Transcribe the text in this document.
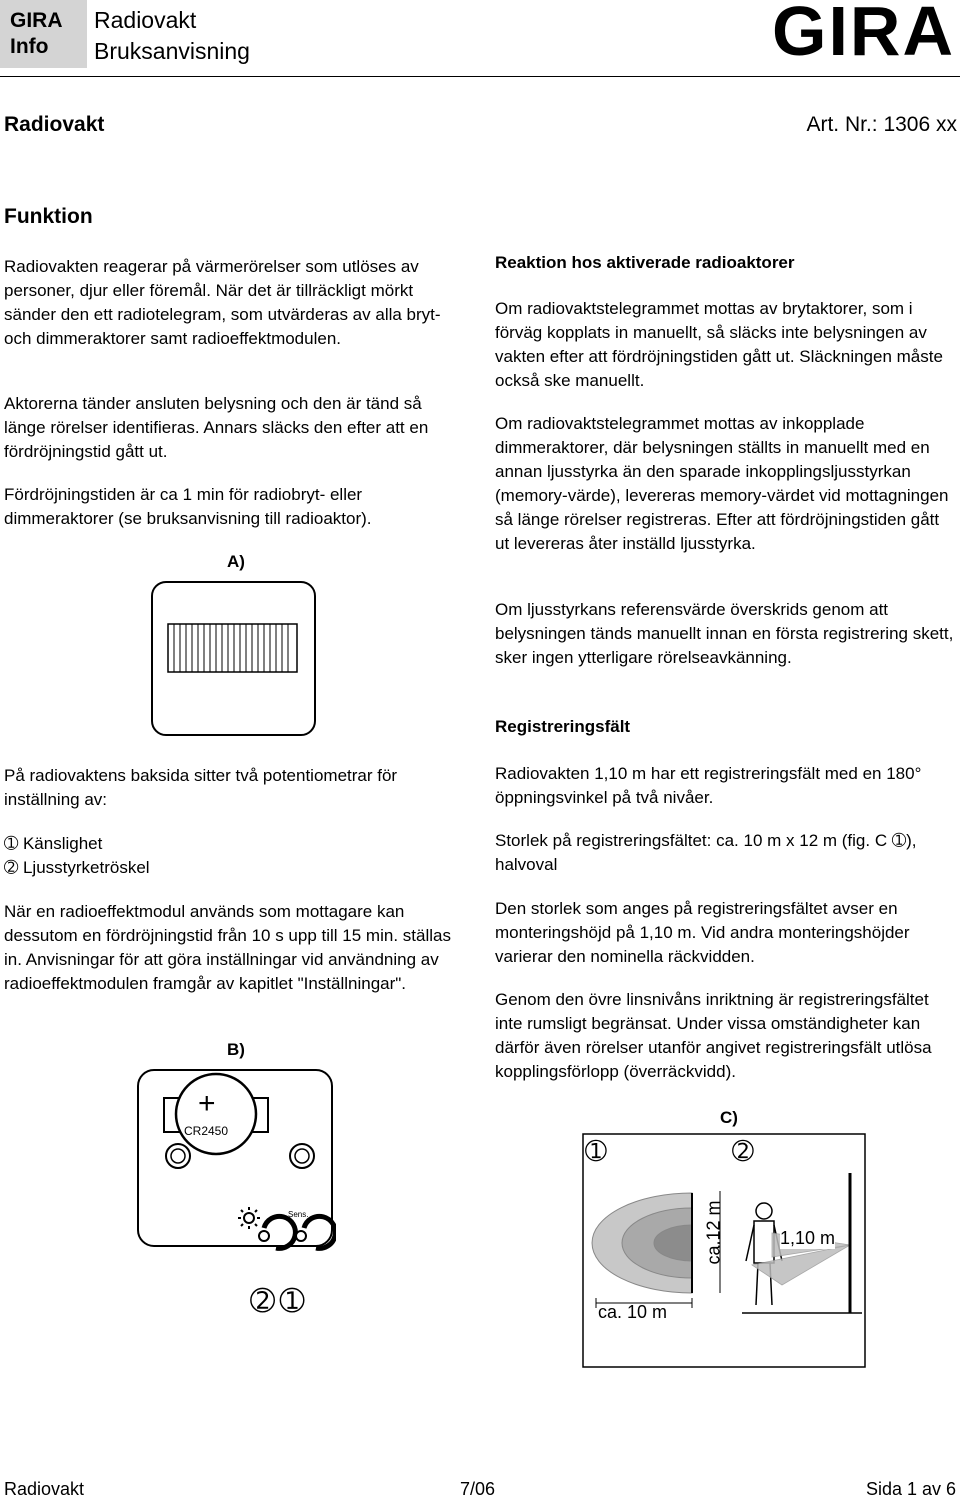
GIRA
Info
Radiovakt
Bruksanvisning	GIRA
Radiovakt	Art. Nr.: 1306 xx
Funktion
Radiovakten reagerar på värmerörelser som utlöses av personer, djur eller föremål. När det är tillräckligt mörkt sänder den ett radiotelegram, som utvärderas av alla bryt- och dimmeraktorer samt radioeffektmodulen.
Aktorerna tänder ansluten belysning och den är tänd så länge rörelser identifieras. Annars släcks den efter att en fördröjningstid gått ut.
Fördröjningstiden är ca 1 min för radiobryt- eller dimmeraktorer (se bruksanvisning till radioaktor).
A)
På radiovaktens baksida sitter två potentiometrar för inställning av:
➀ Känslighet
➁ Ljusstyrketröskel
När en radioeffektmodul används som mottagare kan dessutom en fördröjningstid från 10 s upp till 15 min. ställas in. Anvisningar för att göra inställningar vid användning av radioeffektmodulen framgår av kapitlet "Inställningar".
B)
+
CR2450
Sens.
➁ ➀
Reaktion hos aktiverade radioaktorer
Om radiovaktstelegrammet mottas av brytaktorer, som i förväg kopplats in manuellt, så släcks inte belysningen av vakten efter att fördröjningstiden gått ut. Släckningen måste också ske manuellt.
Om radiovaktstelegrammet mottas av inkopplade dimmeraktorer, där belysningen ställts in manuellt med en annan ljusstyrka än den sparade inkopplingsljusstyrkan (memory-värde), levereras memory-värdet vid mottagningen så länge rörelser registreras. Efter att fördröjningstiden gått ut levereras åter inställd ljusstyrka.
Om ljusstyrkans referensvärde överskrids genom att belysningen tänds manuellt innan en första registrering skett, sker ingen ytterligare rörelseavkänning.
Registreringsfält
Radiovakten 1,10 m har ett registreringsfält med en 180° öppningsvinkel på två nivåer.
Storlek på registreringsfältet: ca. 10 m x 12 m (fig. C ➀), halvoval
Den storlek som anges på registreringsfältet avser en monteringshöjd på 1,10 m. Vid andra monteringshöjder varierar den nominella räckvidden.
Genom den övre linsnivåns inriktning är registreringsfältet inte rumsligt begränsat. Under vissa omständigheter kan därför även rörelser utanför angivet registreringsfält utlösa kopplingsförlopp (överräckvidd).
C)
➀	➁
ca. 10 m
ca.12 m	1,10 m
Radiovakt	7/06	Sida 1 av 6
